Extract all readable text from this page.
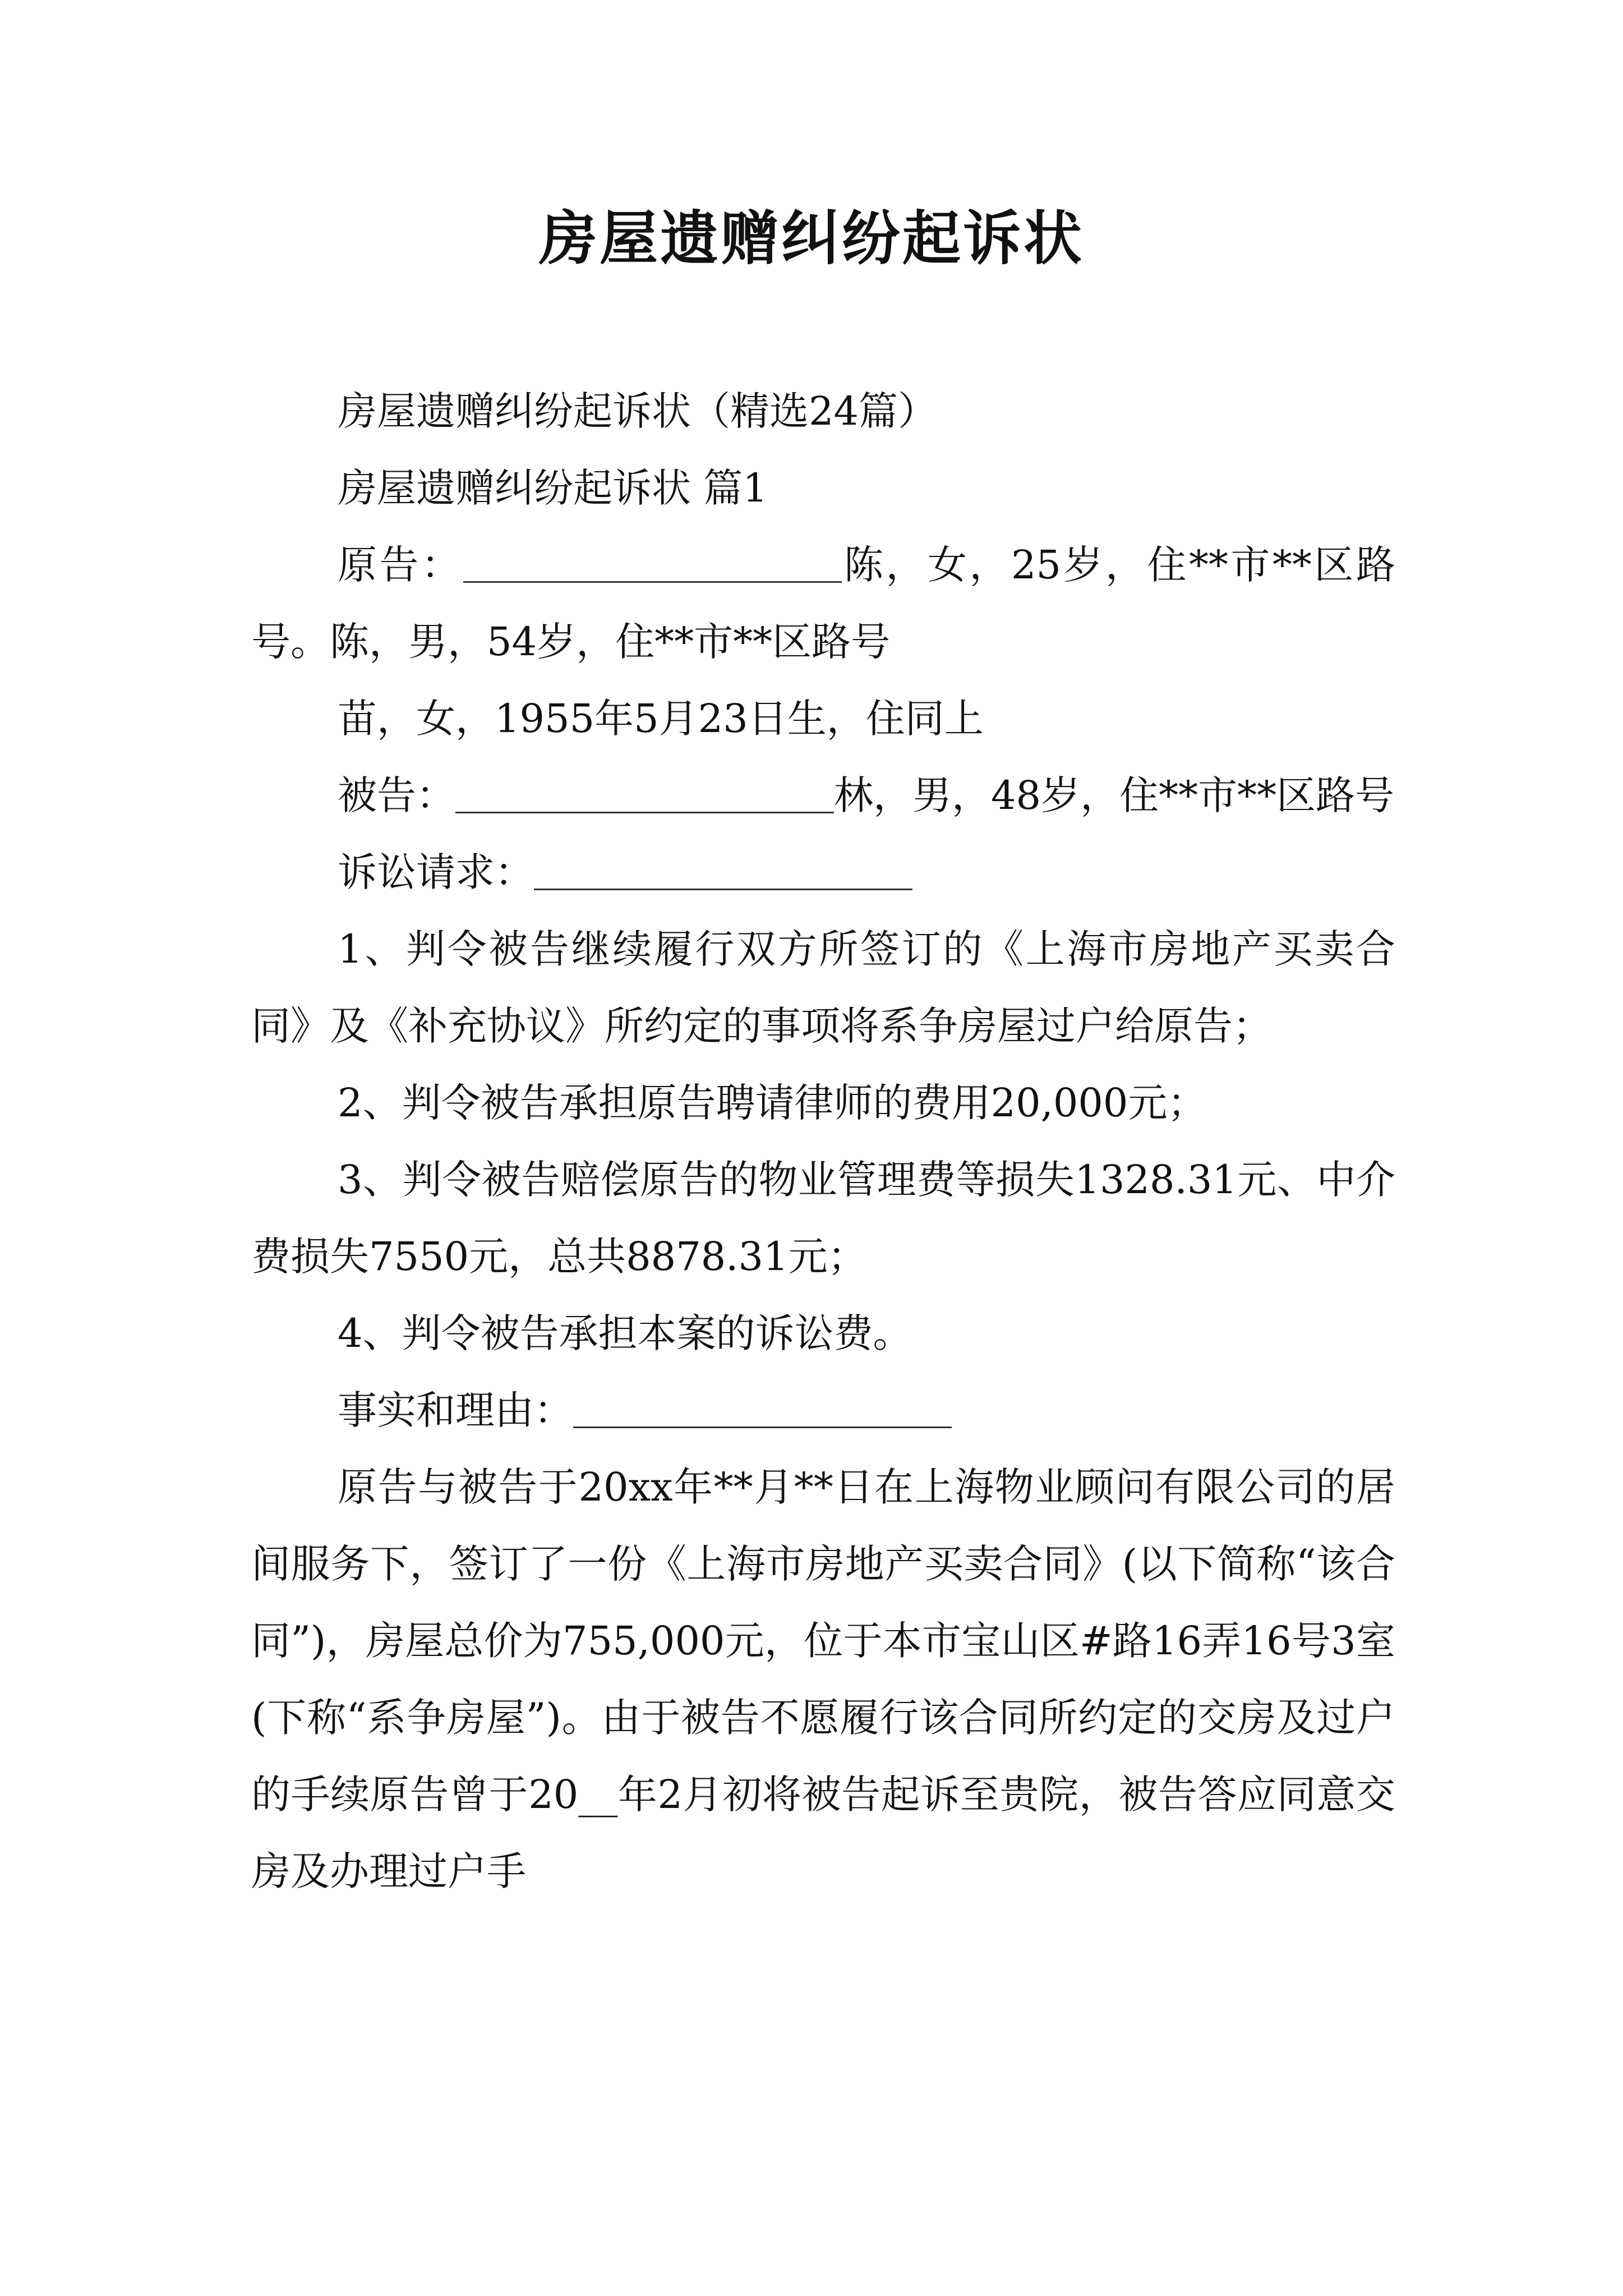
房屋遗赠纠纷起诉状

房屋遗赠纠纷起诉状（精选24篇）

房屋遗赠纠纷起诉状 篇1

原告：	陈，女，25岁，住**市**区路号。陈，男，54岁，住**市**区路号

苗，女，1955年5月23日生，住同上

被告：	林，男，48岁，住**市**区路号

诉讼请求：

1、判令被告继续履行双方所签订的《上海市房地产买卖合同》及《补充协议》所约定的事项将系争房屋过户给原告；

2、判令被告承担原告聘请律师的费用20,000元；

3、判令被告赔偿原告的物业管理费等损失1328.31元、中介费损失7550元，总共8878.31元；

4、判令被告承担本案的诉讼费。

事实和理由：

原告与被告于20xx年**月**日在上海物业顾问有限公司的居间服务下，签订了一份《上海市房地产买卖合同》(以下简称“该合同”)，房屋总价为755,000元，位于本市宝山区#路16弄16号3室(下称“系争房屋”)。由于被告不愿履行该合同所约定的交房及过户的手续原告曾于20__年2月初将被告起诉至贵院，被告答应同意交房及办理过户手
